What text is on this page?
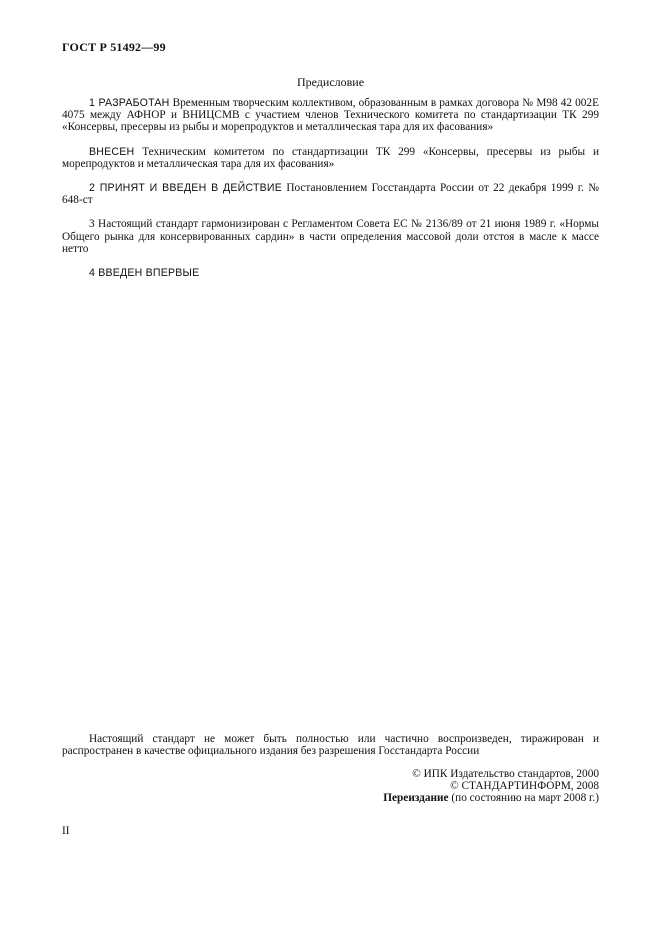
ГОСТ Р 51492—99
Предисловие

1 РАЗРАБОТАН Временным творческим коллективом, образованным в рамках договора № М98 42 002Е 4075 между АФНОР и ВНИЦСМВ с участием членов Технического комитета по стандартизации ТК 299 «Консервы, пресервы из рыбы и морепродуктов и металлическая тара для их фасования»

ВНЕСЕН Техническим комитетом по стандартизации ТК 299 «Консервы, пресервы из рыбы и морепродуктов и металлическая тара для их фасования»

2 ПРИНЯТ И ВВЕДЕН В ДЕЙСТВИЕ Постановлением Госстандарта России от 22 декабря 1999 г. № 648-ст

3 Настоящий стандарт гармонизирован с Регламентом Совета ЕС № 2136/89 от 21 июня 1989 г. «Нормы Общего рынка для консервированных сардин» в части определения массовой доли отстоя в масле к массе нетто

4 ВВЕДЕН ВПЕРВЫЕ

Настоящий стандарт не может быть полностью или частично воспроизведен, тиражирован и распространен в качестве официального издания без разрешения Госстандарта России

© ИПК Издательство стандартов, 2000
© СТАНДАРТИНФОРМ, 2008
Переиздание (по состоянию на март 2008 г.)
II
